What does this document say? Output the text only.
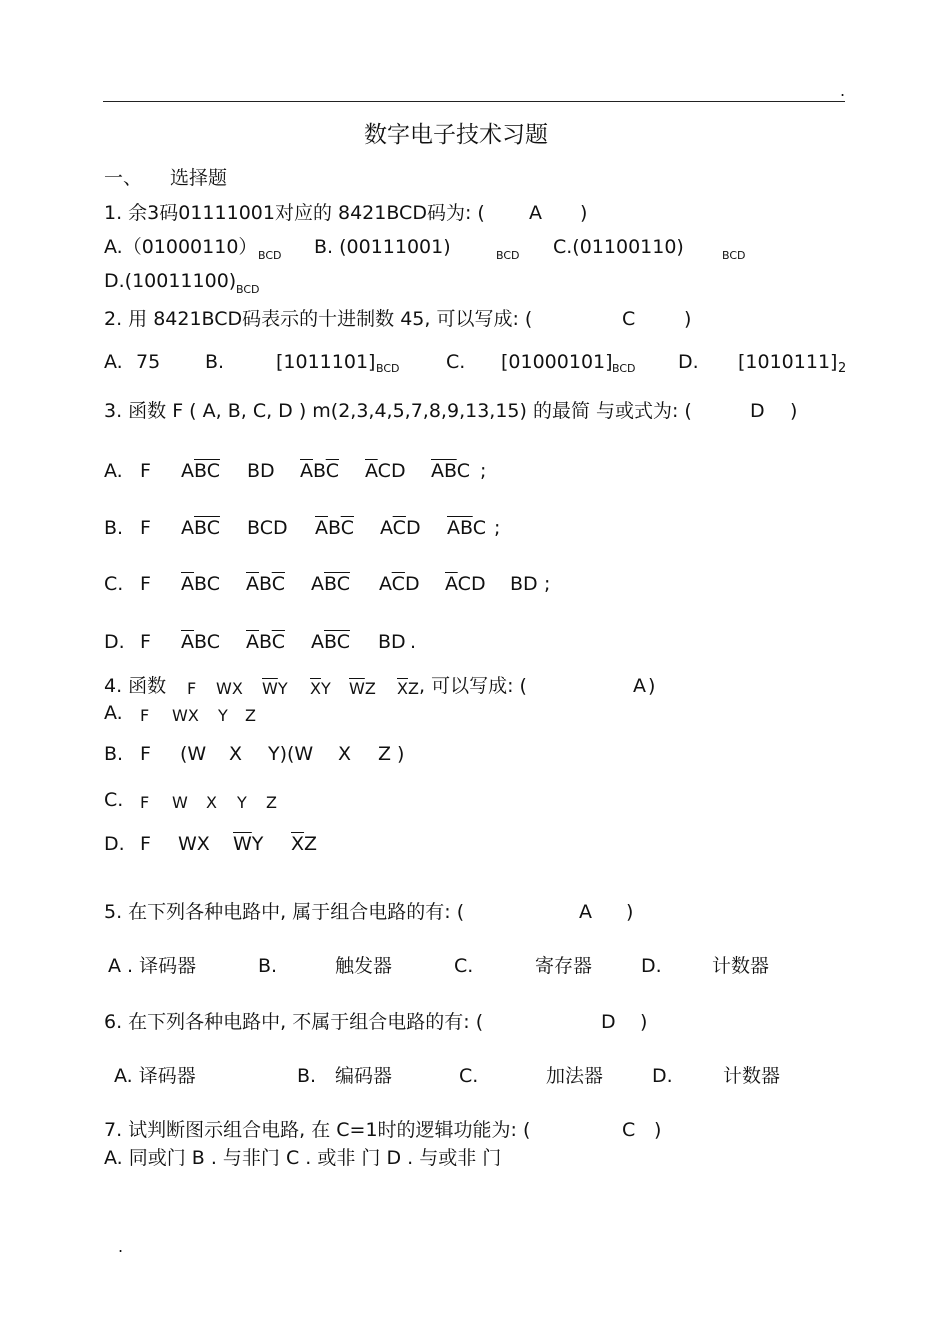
.
数字电子技术习题
一、 选择题
1. 余3码01111001对应的 8421BCD码为: ( A )
A.（01000110） BCD B. (00111001)	BCD C.(01100110)	BCD
D.(10011100) BCD
2. 用 8421BCD码表示的十进制数 45, 可以写成: (	C	)
A. 75 B.	[1011101] BCD C. [01000101] BCD D. [1010111] 2
3. 函数 F ( A, B, C, D ) m(2,3,4,5,7,8,9,13,15) 的最简 与或式为: (	D )
A. F $A\overline{BC}$ BD $\overline{A}B\overline{C}$ $\overline{A}CD$ $\overline{AB}C$ ;
B. F $A\overline{BC}$ BCD $\overline{A}B\overline{C}$ $A\overline{C}D$ $\overline{A}\overline{B}C$ ;
C. F $\overline{A}BC$ $\overline{A}B\overline{C}$ $A\overline{BC}$ $A\overline{C}D$ $\overline{A}CD$ BD ;
D. F $\overline{A}BC$ $\overline{A}B\overline{C}$ $A\overline{BC}$ BD .
4. 函数 F WX $\overline{W}Y$ $\overline{X}Y$ $\overline{W}Z$ $\overline{X}Z$ , 可以写成: (	A )
A. F WX Y Z
B. F (W X Y)(W X Z )
C. F W X Y Z
D. F WX $\overline{W}Y$ $\overline{X}Z$
5. 在下列各种电路中, 属于组合电路的有: (	A )
A . 译码器	B.	触发器	C.	寄存器	D.	计数器
6. 在下列各种电路中, 不属于组合电路的有: (	D )
A. 译码器	B. 编码器	C.	加法器	D.	计数器
7. 试判断图示组合电路, 在 C=1时的逻辑功能为: (	C )
A. 同或门 B . 与非门 C . 或非 门 D . 与或非 门
.
